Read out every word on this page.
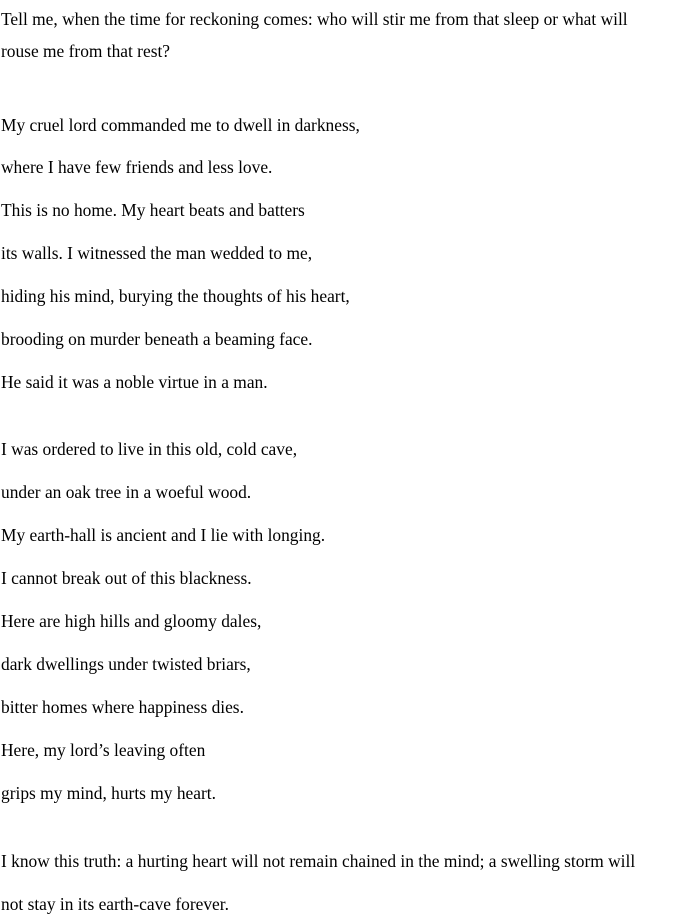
Tell me, when the time for reckoning comes: who will stir me from that sleep or what will
rouse me from that rest?
My cruel lord commanded me to dwell in darkness,
where I have few friends and less love.
This is no home. My heart beats and batters
its walls. I witnessed the man wedded to me,
hiding his mind, burying the thoughts of his heart,
brooding on murder beneath a beaming face.
He said it was a noble virtue in a man.
I was ordered to live in this old, cold cave,
under an oak tree in a woeful wood.
My earth-hall is ancient and I lie with longing.
I cannot break out of this blackness.
Here are high hills and gloomy dales,
dark dwellings under twisted briars,
bitter homes where happiness dies.
Here, my lord’s leaving often
grips my mind, hurts my heart.
I know this truth: a hurting heart will not remain chained in the mind; a swelling storm will
not stay in its earth-cave forever.
